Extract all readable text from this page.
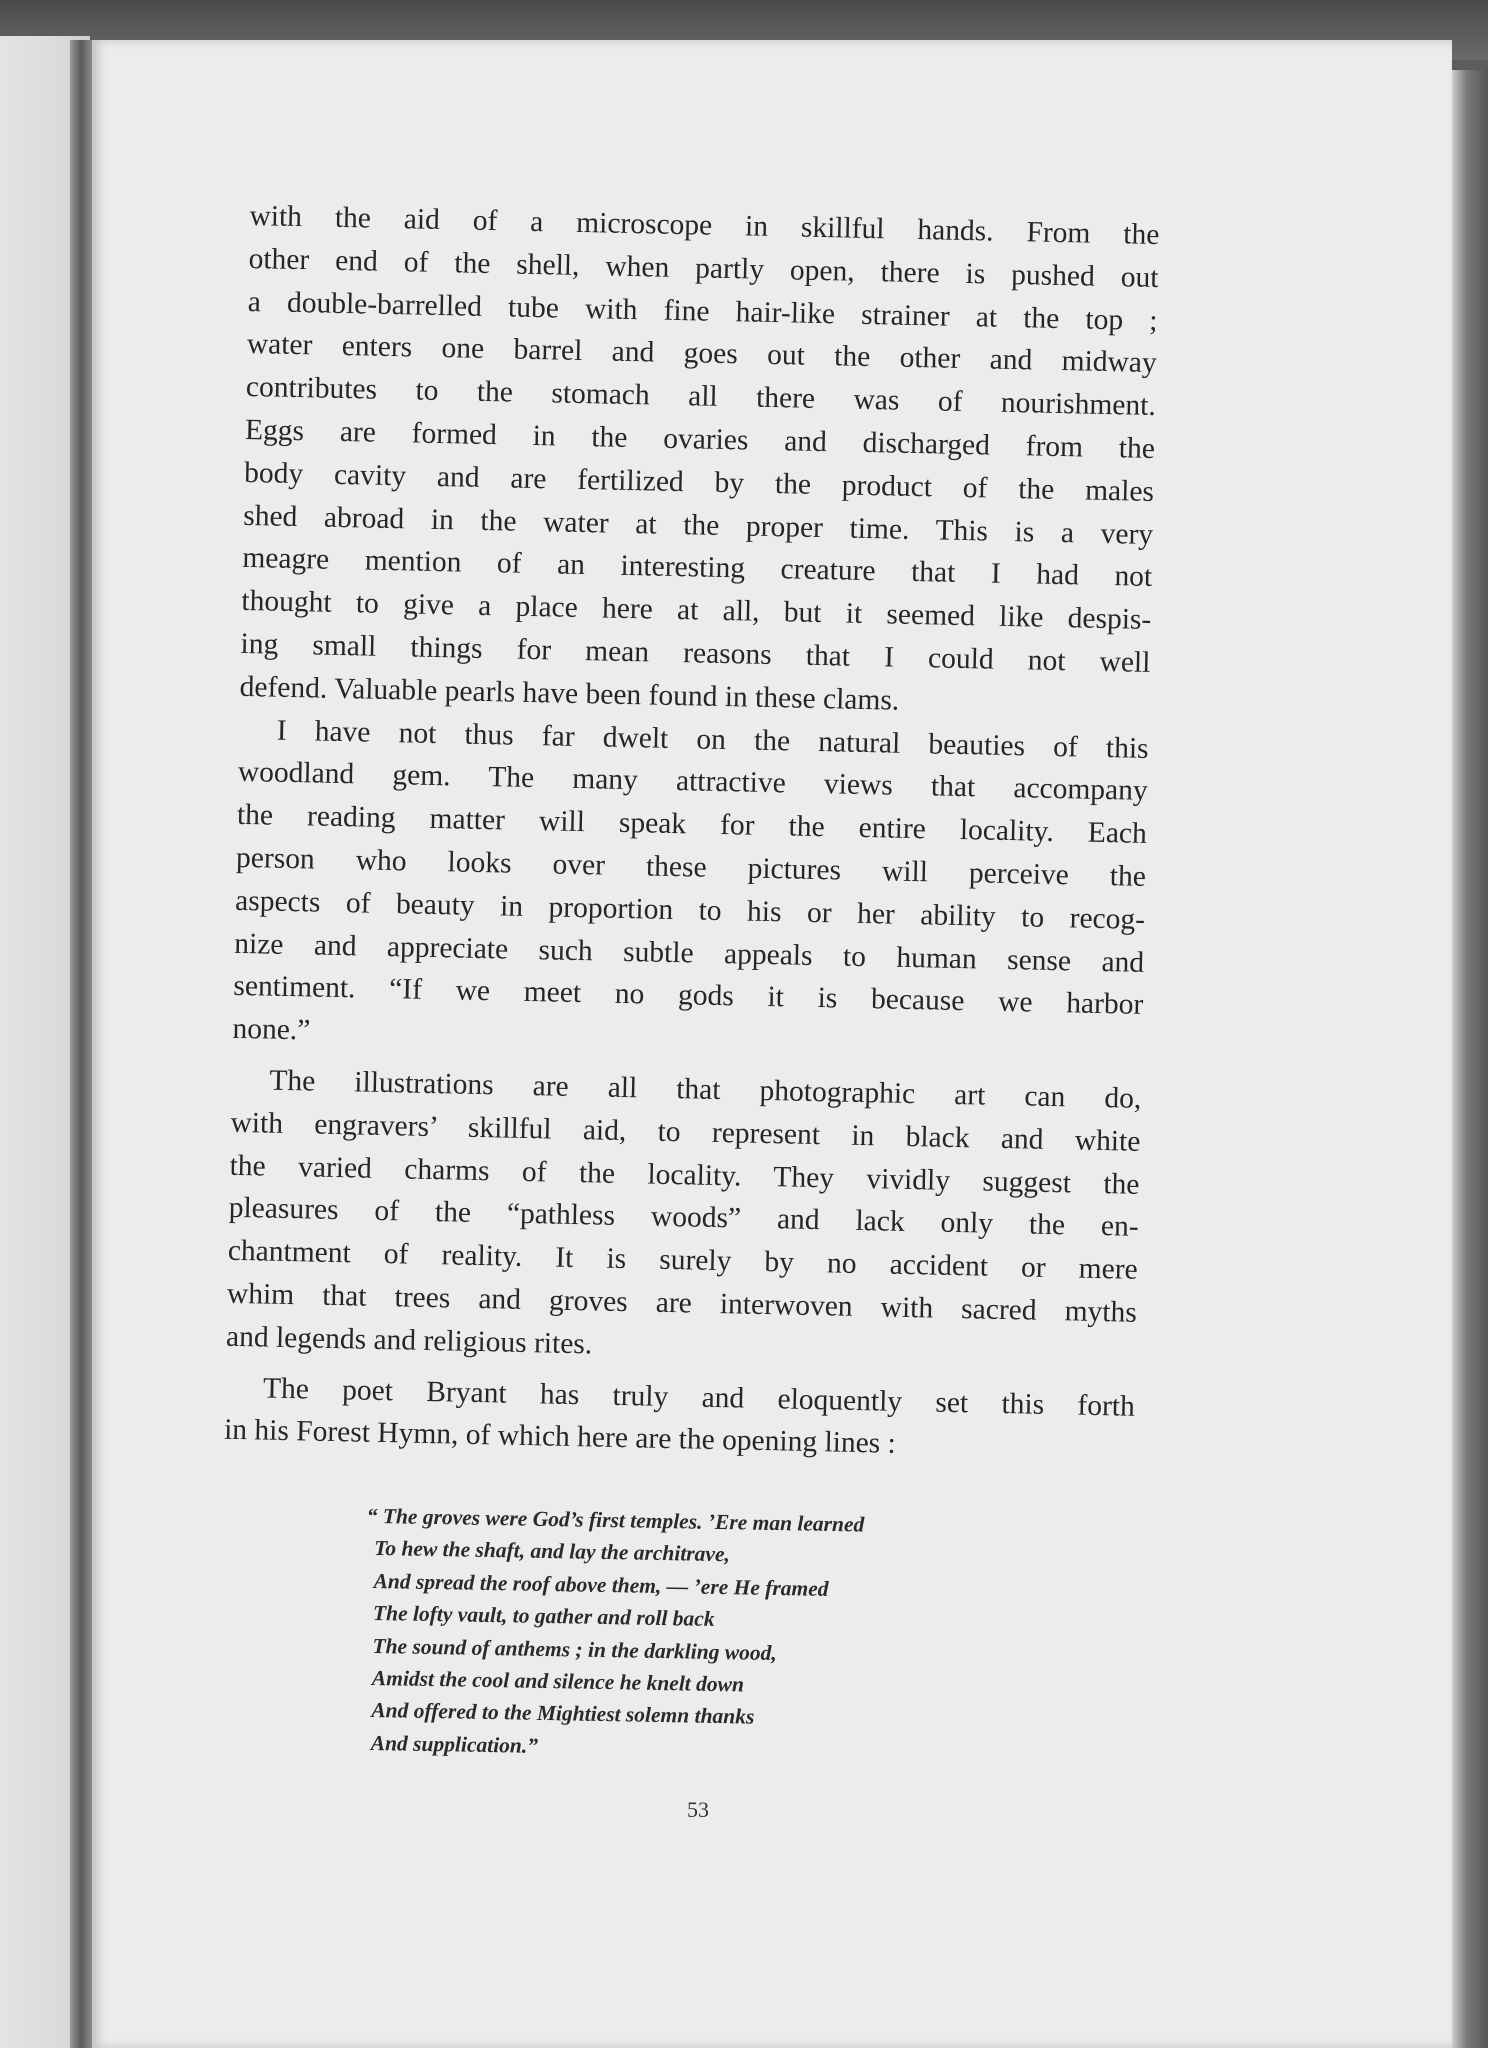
with the aid of a microscope in skillful hands. From the
other end of the shell, when partly open, there is pushed out
a double-barrelled tube with fine hair-like strainer at the top ;
water enters one barrel and goes out the other and midway
contributes to the stomach all there was of nourishment.
Eggs are formed in the ovaries and discharged from the
body cavity and are fertilized by the product of the males
shed abroad in the water at the proper time. This is a very
meagre mention of an interesting creature that I had not
thought to give a place here at all, but it seemed like despis-
ing small things for mean reasons that I could not well
defend. Valuable pearls have been found in these clams.
I have not thus far dwelt on the natural beauties of this
woodland gem. The many attractive views that accompany
the reading matter will speak for the entire locality. Each
person who looks over these pictures will perceive the
aspects of beauty in proportion to his or her ability to recog-
nize and appreciate such subtle appeals to human sense and
sentiment. “If we meet no gods it is because we harbor
none.”
The illustrations are all that photographic art can do,
with engravers’ skillful aid, to represent in black and white
the varied charms of the locality. They vividly suggest the
pleasures of the “pathless woods” and lack only the en-
chantment of reality. It is surely by no accident or mere
whim that trees and groves are interwoven with sacred myths
and legends and religious rites.
The poet Bryant has truly and eloquently set this forth
in his Forest Hymn, of which here are the opening lines :
“ The groves were God’s first temples. ’Ere man learned
To hew the shaft, and lay the architrave,
And spread the roof above them, — ’ere He framed
The lofty vault, to gather and roll back
The sound of anthems ; in the darkling wood,
Amidst the cool and silence he knelt down
And offered to the Mightiest solemn thanks
And supplication.”
53
